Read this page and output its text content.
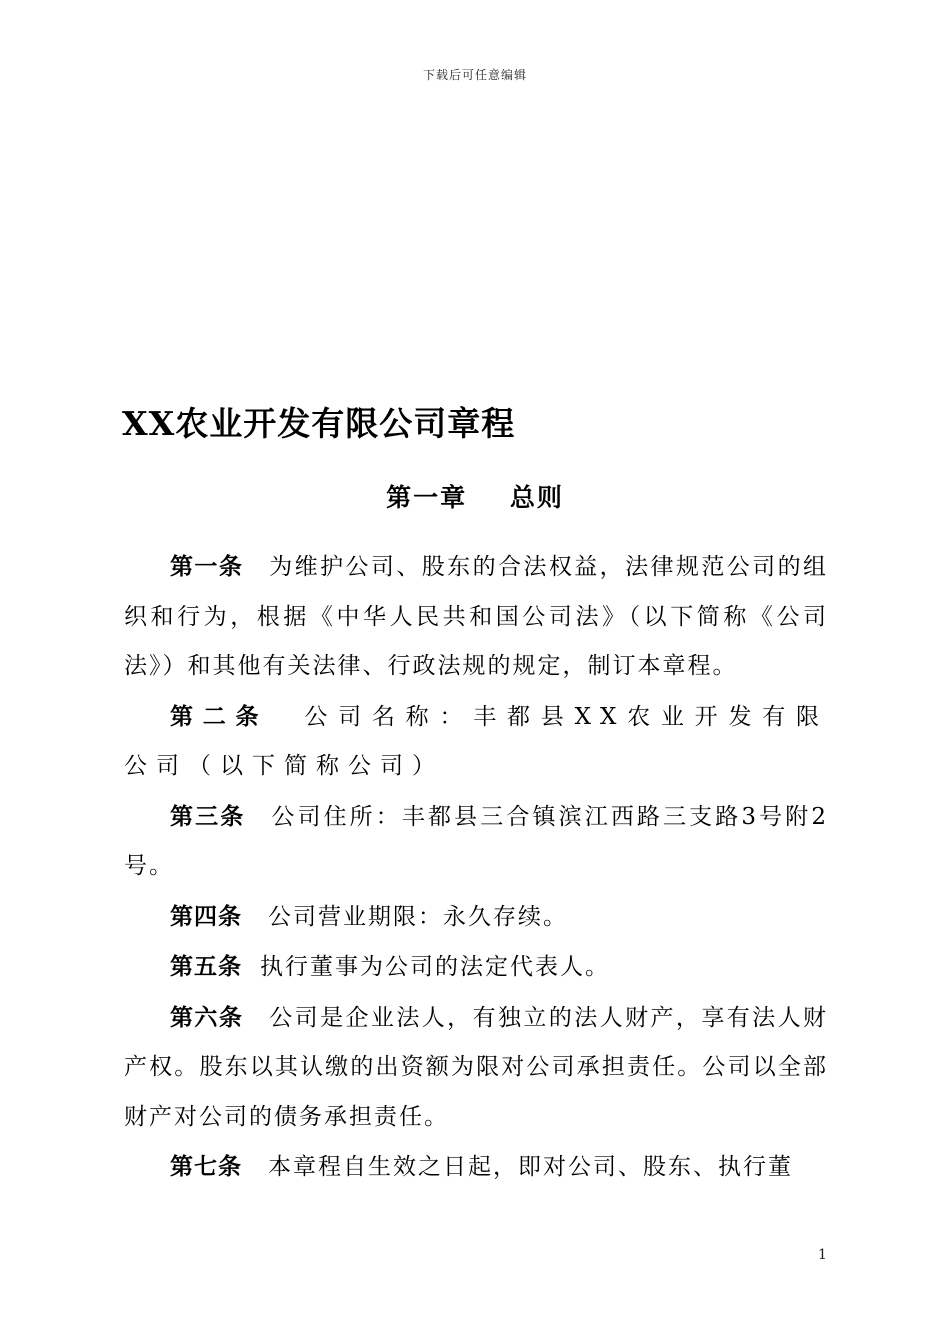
下载后可任意编辑
XX农业开发有限公司章程
第一章    总则

第一条 为维护公司、股东的合法权益，法律规范公司的组织和行为，根据《中华人民共和国公司法》（以下简称《公司法》）和其他有关法律、行政法规的规定，制订本章程。

第二条 公司名称：丰都县XX农业开发有限公司（以下简称公司）

第三条 公司住所：丰都县三合镇滨江西路三支路3号附2号。

第四条 公司营业期限：永久存续。

第五条 执行董事为公司的法定代表人。

第六条 公司是企业法人，有独立的法人财产，享有法人财产权。股东以其认缴的出资额为限对公司承担责任。公司以全部财产对公司的债务承担责任。

第七条 本章程自生效之日起，即对公司、股东、执行董

1
